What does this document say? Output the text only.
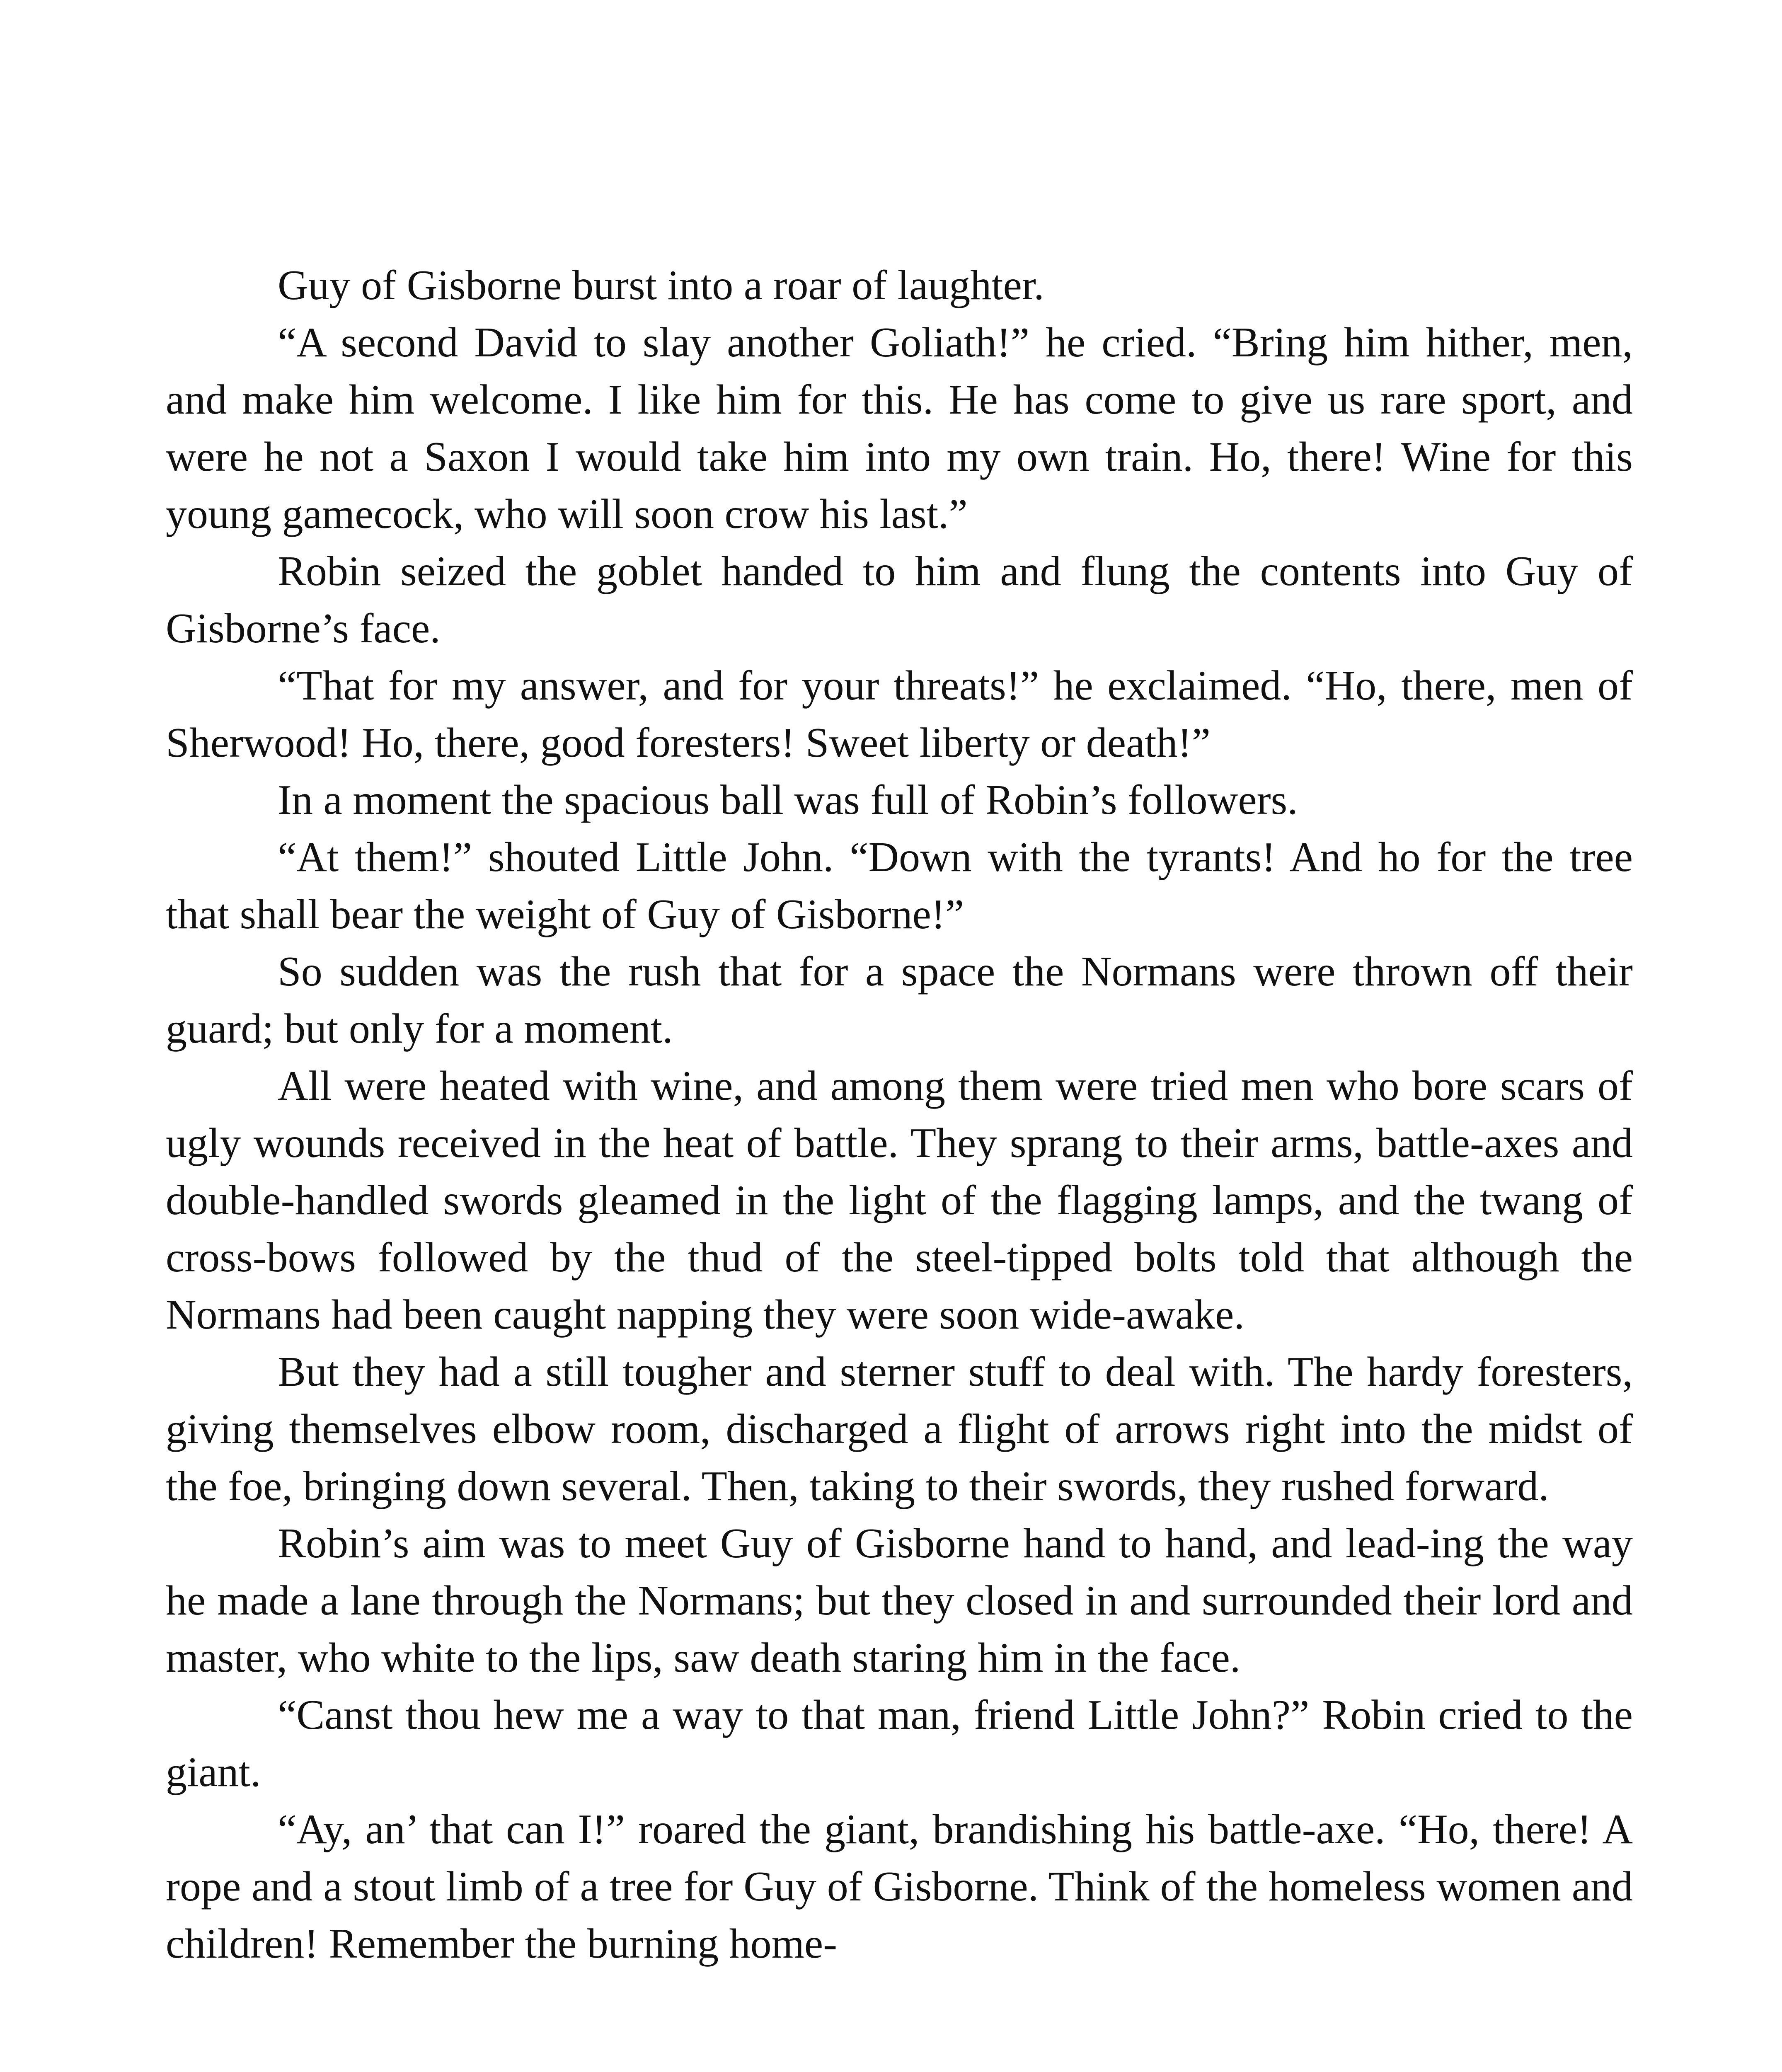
Guy of Gisborne burst into a roar of laughter.

“A second David to slay another Goliath!” he cried. “Bring him hither, men, and make him welcome. I like him for this. He has come to give us rare sport, and were he not a Saxon I would take him into my own train. Ho, there! Wine for this young gamecock, who will soon crow his last.”

Robin seized the goblet handed to him and flung the contents into Guy of Gisborne’s face.

“That for my answer, and for your threats!” he exclaimed. “Ho, there, men of Sherwood! Ho, there, good foresters! Sweet liberty or death!”

In a moment the spacious ball was full of Robin’s followers.

“At them!” shouted Little John. “Down with the tyrants! And ho for the tree that shall bear the weight of Guy of Gisborne!”

So sudden was the rush that for a space the Normans were thrown off their guard; but only for a moment.

All were heated with wine, and among them were tried men who bore scars of ugly wounds received in the heat of battle. They sprang to their arms, battle-axes and double-handled swords gleamed in the light of the flagging lamps, and the twang of cross-bows followed by the thud of the steel-tipped bolts told that although the Normans had been caught napping they were soon wide-awake.

But they had a still tougher and sterner stuff to deal with. The hardy foresters, giving themselves elbow room, discharged a flight of arrows right into the midst of the foe, bringing down several. Then, taking to their swords, they rushed forward.

Robin’s aim was to meet Guy of Gisborne hand to hand, and lead-ing the way he made a lane through the Normans; but they closed in and surrounded their lord and master, who white to the lips, saw death staring him in the face.

“Canst thou hew me a way to that man, friend Little John?” Robin cried to the giant.

“Ay, an’ that can I!” roared the giant, brandishing his battle-axe. “Ho, there! A rope and a stout limb of a tree for Guy of Gisborne. Think of the homeless women and children! Remember the burning home-
